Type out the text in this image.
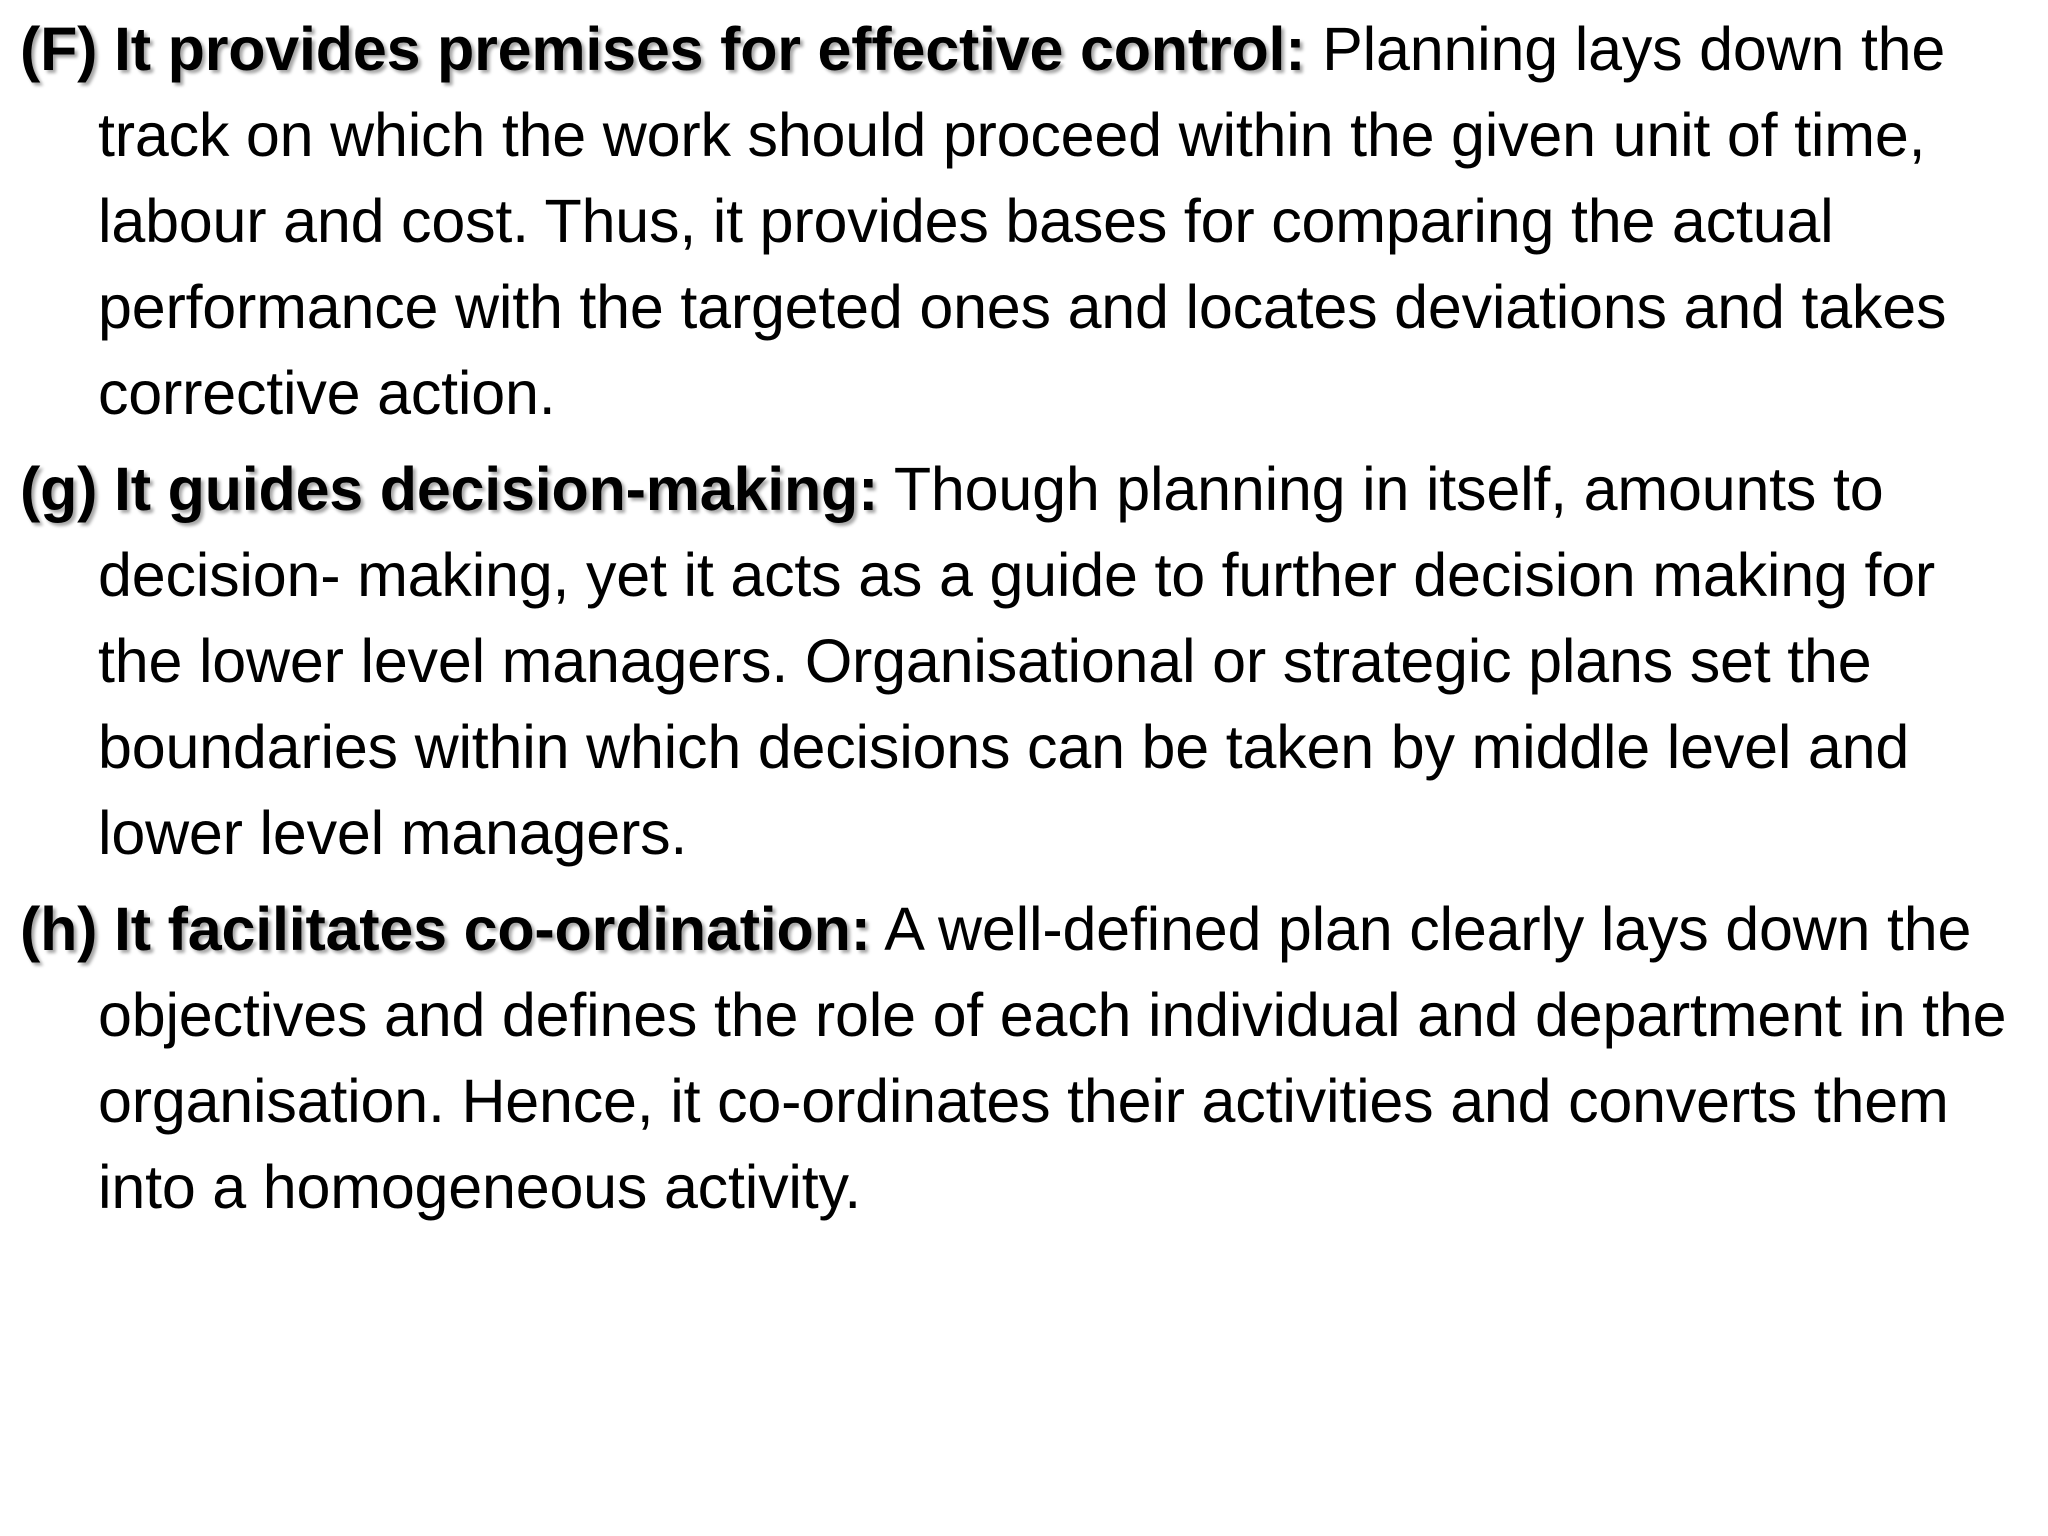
(F) It provides premises for effective control: Planning lays down the track on which the work should proceed within the given unit of time, labour and cost. Thus, it provides bases for comparing the actual performance with the targeted ones and locates deviations and takes corrective action.

(g) It guides decision-making: Though planning in itself, amounts to decision- making, yet it acts as a guide to further decision making for the lower level managers. Organisational or strategic plans set the boundaries within which decisions can be taken by middle level and lower level managers.

(h) It facilitates co-ordination: A well-defined plan clearly lays down the objectives and defines the role of each individual and department in the organisation. Hence, it co-ordinates their activities and converts them into a homogeneous activity.
